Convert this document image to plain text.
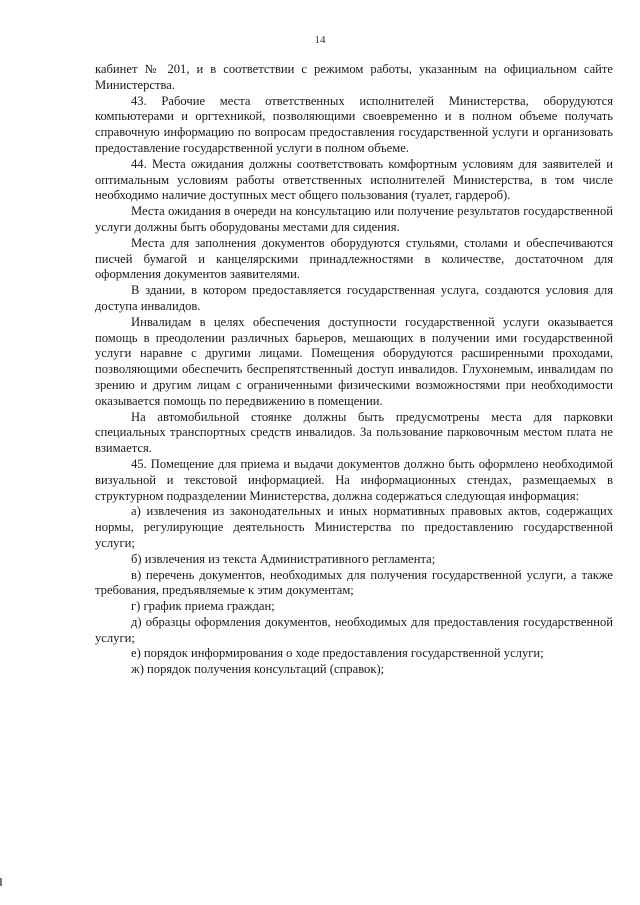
14

кабинет № 201, и в соответствии с режимом работы, указанным на официальном сайте Министерства.

43. Рабочие места ответственных исполнителей Министерства, оборудуются компьютерами и оргтехникой, позволяющими своевременно и в полном объеме получать справочную информацию по вопросам предоставления государственной услуги и организовать предоставление государственной услуги в полном объеме.

44. Места ожидания должны соответствовать комфортным условиям для заявителей и оптимальным условиям работы ответственных исполнителей Министерства, в том числе необходимо наличие доступных мест общего пользования (туалет, гардероб).

Места ожидания в очереди на консультацию или получение результатов государственной услуги должны быть оборудованы местами для сидения.

Места для заполнения документов оборудуются стульями, столами и обеспечиваются писчей бумагой и канцелярскими принадлежностями в количестве, достаточном для оформления документов заявителями.

В здании, в котором предоставляется государственная услуга, создаются условия для доступа инвалидов.

Инвалидам в целях обеспечения доступности государственной услуги оказывается помощь в преодолении различных барьеров, мешающих в получении ими государственной услуги наравне с другими лицами. Помещения оборудуются расширенными проходами, позволяющими обеспечить беспрепятственный доступ инвалидов. Глухонемым, инвалидам по зрению и другим лицам с ограниченными физическими возможностями при необходимости оказывается помощь по передвижению в помещении.

На автомобильной стоянке должны быть предусмотрены места для парковки специальных транспортных средств инвалидов. За пользование парковочным местом плата не взимается.

45. Помещение для приема и выдачи документов должно быть оформлено необходимой визуальной и текстовой информацией. На информационных стендах, размещаемых в структурном подразделении Министерства, должна содержаться следующая информация:

а) извлечения из законодательных и иных нормативных правовых актов, содержащих нормы, регулирующие деятельность Министерства по предоставлению государственной услуги;

б) извлечения из текста Административного регламента;

в) перечень документов, необходимых для получения государственной услуги, а также требования, предъявляемые к этим документам;

г) график приема граждан;

д) образцы оформления документов, необходимых для предоставления государственной услуги;

е) порядок информирования о ходе предоставления государственной услуги;

ж) порядок получения консультаций (справок);
